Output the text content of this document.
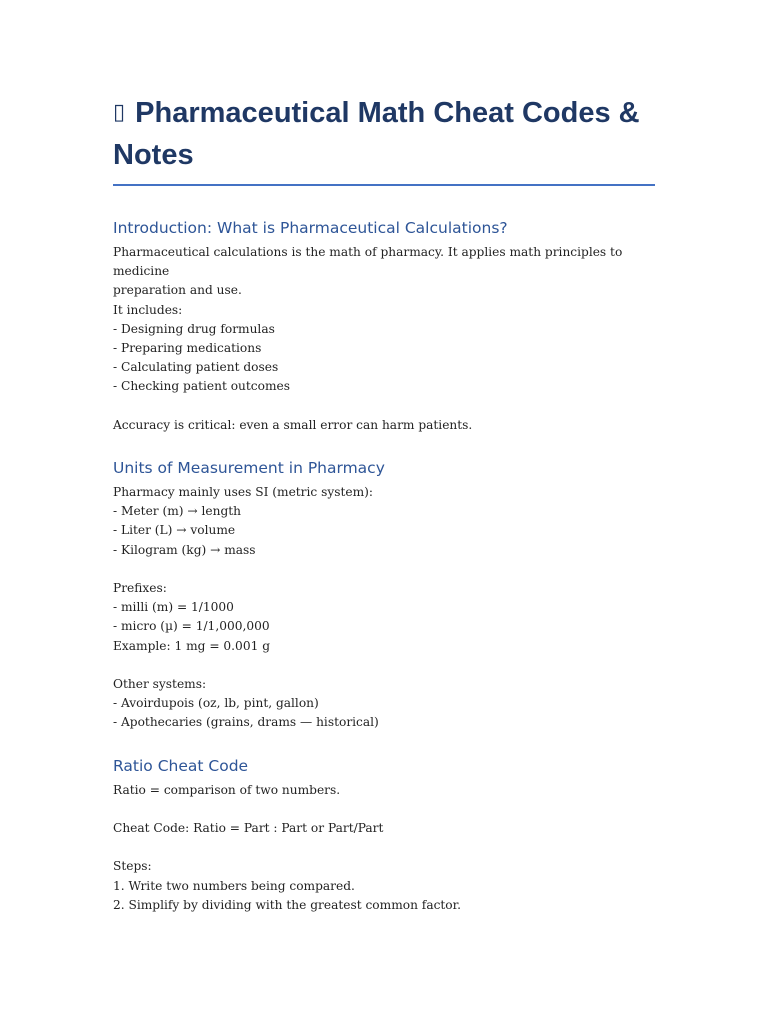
▯ Pharmaceutical Math Cheat Codes & Notes
Introduction: What is Pharmaceutical Calculations?
Pharmaceutical calculations is the math of pharmacy. It applies math principles to medicine
preparation and use.
It includes:
- Designing drug formulas
- Preparing medications
- Calculating patient doses
- Checking patient outcomes
Accuracy is critical: even a small error can harm patients.
Units of Measurement in Pharmacy
Pharmacy mainly uses SI (metric system):
- Meter (m) → length
- Liter (L) → volume
- Kilogram (kg) → mass
Prefixes:
- milli (m) = 1/1000
- micro (µ) = 1/1,000,000
Example: 1 mg = 0.001 g
Other systems:
- Avoirdupois (oz, lb, pint, gallon)
- Apothecaries (grains, drams — historical)
Ratio Cheat Code
Ratio = comparison of two numbers.
Cheat Code: Ratio = Part : Part or Part/Part
Steps:
1. Write two numbers being compared.
2. Simplify by dividing with the greatest common factor.
